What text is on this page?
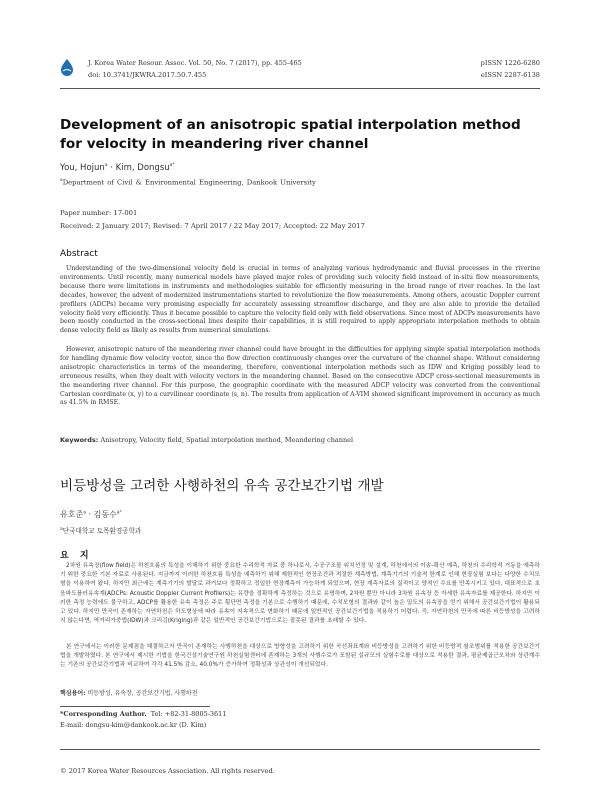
J. Korea Water Resour. Assoc. Vol. 50, No. 7 (2017), pp. 455-465
doi: 10.3741/JKWRA.2017.50.7.455
pISSN 1226-6280
eISSN 2287-6138
Development of an anisotropic spatial interpolation method for velocity in meandering river channel
You, Hojun$^a$ · Kim, Dongsu$^{a*}$
$^a$Department of Civil & Environmental Engineering, Dankook University
Paper number: 17-001
Received: 2 January 2017; Revised: 7 April 2017 / 22 May 2017; Accepted: 22 May 2017
Abstract
Understanding of the two-dimensional velocity field is crucial in terms of analyzing various hydrodynamic and fluvial processes in the riverine environments. Until recently, many numerical models have played major roles of providing such velocity field instead of in-situ flow measurements, because there were limitations in instruments and methodologies suitable for efficiently measuring in the broad range of river reaches. In the last decades, however, the advent of modernized instrumentations started to revolutionize the flow measurements. Among others, acoustic Doppler current profilers (ADCPs) became very promising especially for accurately assessing streamflow discharge, and they are also able to provide the detailed velocity field very efficiently. Thus it became possible to capture the velocity field only with field observations. Since most of ADCPs measurements have been mostly conducted in the cross-sectional lines despite their capabilities, it is still required to apply appropriate interpolation methods to obtain dense velocity field as likely as results from numerical simulations.
However, anisotropic nature of the meandering river channel could have brought in the difficulties for applying simple spatial interpolation methods for handling dynamic flow velocity vector, since the flow direction continuously changes over the curvature of the channel shape. Without considering anisotropic characteristics in terms of the meandering, therefore, conventional interpolation methods such as IDW and Kriging possibly lead to erroneous results, when they dealt with velocity vectors in the meandering channel. Based on the consecutive ADCP cross-sectional measurements in the meandering river channel. For this purpose, the geographic coordinate with the measured ADCP velocity was converted from the conventional Cartesian coordinate (x, y) to a curvilinear coordinate (s, n). The results from application of A-VIM showed significant improvement in accuracy as much as 41.5% in RMSE.
Keywords: Anisotropy, Velocity field, Spatial interpolation method, Meandering channel
비등방성을 고려한 사행하천의 유속 공간보간기법 개발
유호준$^a$ · 김동수$^{a*}$
$^a$단국대학교 토목환경공학과
요 지
2차원 유속장(flow field)은 하천흐름의 특성을 이해하기 위한 중요한 수리학적 자료 중 하나로서, 수공구조물 위치선정 및 설계, 하천에서의 이송-확산 예측, 하천의 수리학적 거동을 예측하기 위한 중요한 기본 자료로 사용된다. 지금까지 이러한 하천흐름 특성을 예측하기 위해 제한적인 현장조건과 적절한 계측방법, 계측기기의 기술적 한계로 인해 현장실험 보다는 다양한 수치모형을 이용하여 왔다. 하지만 최근에는 계측기기의 발달로 과거보다 정확하고 정밀한 현장계측이 가능하게 되었으며, 현장 계측자료의 질적이고 양적인 수요를 만족시키고 있다. 대표적으로 초음파도플러유속계(ADCPs: Acoustic Doppler Current Profilers)는 유량을 정확하게 측정하는 것으로 유명하며, 2차원 뿐만 아니라 3차원 유속장 등 자세한 유속자료를 제공한다. 하지만 이러한 측정 능력에도 불구하고, ADCP를 활용한 유속 측정은 주로 횡단면 측정을 기본으로 수행하기 때문에, 수치모형의 결과와 같이 높은 밀도의 유속장을 얻기 위해서 공간보간기법이 활용되고 있다. 하지만 만곡이 존재하는 자연하천은 하도형상에 따라 유속이 지속적으로 변화하기 때문에 일반적인 공간보간기법을 적용하기 어렵다. 즉, 자연하천의 만곡에 따른 비등방성을 고려하지 않는다면, 역거리가중법(IDW)과 크리깅(Kriging)과 같은 일반적인 공간보간기법으로는 잘못된 결과를 초래할 수 있다.
본 연구에서는 이러한 문제점을 해결하고자 만곡이 존재하는 사행하천을 대상으로 방향성을 고려하기 위한 곡선좌표계와 비등방성을 고려하기 위한 비등방적 참조범위를 적용한 공간보간기법을 개발하였다. 본 연구에서 제시한 기법을 한국건설기술연구원 하천실험센터에 존재하는 3개의 사행수로가 포함된 실규모의 실험수로를 대상으로 적용한 결과, 평균제곱근오차와 상관계수는 기존의 공간보간기법과 비교하여 각각 41.5% 감소, 40.0%가 증가하여 정확성과 상관성이 개선되었다.
핵심용어: 비등방성, 유속장, 공간보간기법, 사행하천
*Corresponding Author. Tel: +82-31-8005-3611
E-mail: dongsu-kim@dankook.ac.kr (D. Kim)
© 2017 Korea Water Resources Association. All rights reserved.
